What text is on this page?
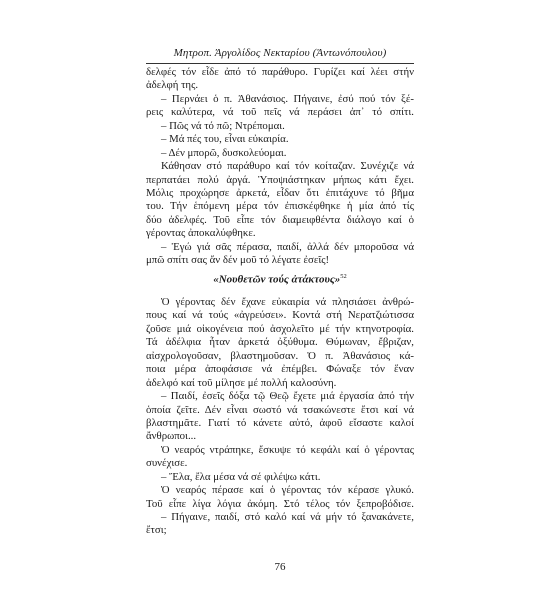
Μητροπ. Ἀργολίδος Νεκταρίου (Ἀντωνόπουλου)
δελφές τόν εἶδε ἀπό τό παράθυρο. Γυρίζει καί λέει στήν
ἀδελφή της.
– Περνάει ὁ π. Ἀθανάσιος. Πήγαινε, ἐσύ πού τόν ξέ-
ρεις καλύτερα, νά τοῦ πεῖς νά περάσει ἀπ᾽ τό σπίτι.
– Πῶς νά τό πῶ; Ντρέπομαι.
– Μά πές του, εἶναι εὐκαιρία.
– Δέν μπορῶ, δυσκολεύομαι.
Κάθησαν στό παράθυρο καί τόν κοίταζαν. Συνέχιζε νά
περπατάει πολύ ἀργά. Ὑποψιάστηκαν μήπως κάτι ἔχει.
Μόλις προχώρησε ἀρκετά, εἶδαν ὅτι ἐπιτάχυνε τό βῆμα
του. Τήν ἑπόμενη μέρα τόν ἐπισκέφθηκε ἡ μία ἀπό τίς
δύο ἀδελφές. Τοῦ εἶπε τόν διαμειφθέντα διάλογο καί ὁ
γέροντας ἀποκαλύφθηκε.
– Ἐγώ γιά σᾶς πέρασα, παιδί, ἀλλά δέν μποροῦσα νά
μπῶ σπίτι σας ἄν δέν μοῦ τό λέγατε ἐσεῖς!
«Νουθετῶν τούς ἀτάκτους»$^{52}$
Ὁ γέροντας δέν ἔχανε εὐκαιρία νά πλησιάσει ἀνθρώ-
πους καί νά τούς «ἀγρεύσει». Κοντά στή Νερατζιώτισσα
ζοῦσε μιά οἰκογένεια πού ἀσχολεῖτο μέ τήν κτηνοτροφία.
Τά ἀδέλφια ἦταν ἀρκετά ὀξύθυμα. Θύμωναν, ἔβριζαν,
αἰσχρολογοῦσαν, βλαστημοῦσαν. Ὁ π. Ἀθανάσιος κά-
ποια μέρα ἀποφάσισε νά ἐπέμβει. Φώναξε τόν ἕναν
ἀδελφό καί τοῦ μίλησε μέ πολλή καλοσύνη.
– Παιδί, ἐσεῖς δόξα τῷ Θεῷ ἔχετε μιά ἐργασία ἀπό τήν
ὁποία ζεῖτε. Δέν εἶναι σωστό νά τσακώνεστε ἔτσι καί νά
βλαστημᾶτε. Γιατί τό κάνετε αὐτό, ἀφοῦ εἴσαστε καλοί
ἄνθρωποι...
Ὁ νεαρός ντράπηκε, ἔσκυψε τό κεφάλι καί ὁ γέροντας
συνέχισε.
– Ἔλα, ἔλα μέσα νά σέ φιλέψω κάτι.
Ὁ νεαρός πέρασε καί ὁ γέροντας τόν κέρασε γλυκό.
Τοῦ εἶπε λίγα λόγια ἀκόμη. Στό τέλος τόν ξεπροβόδισε.
– Πήγαινε, παιδί, στό καλό καί νά μήν τό ξανακάνετε,
ἔτσι;
76
